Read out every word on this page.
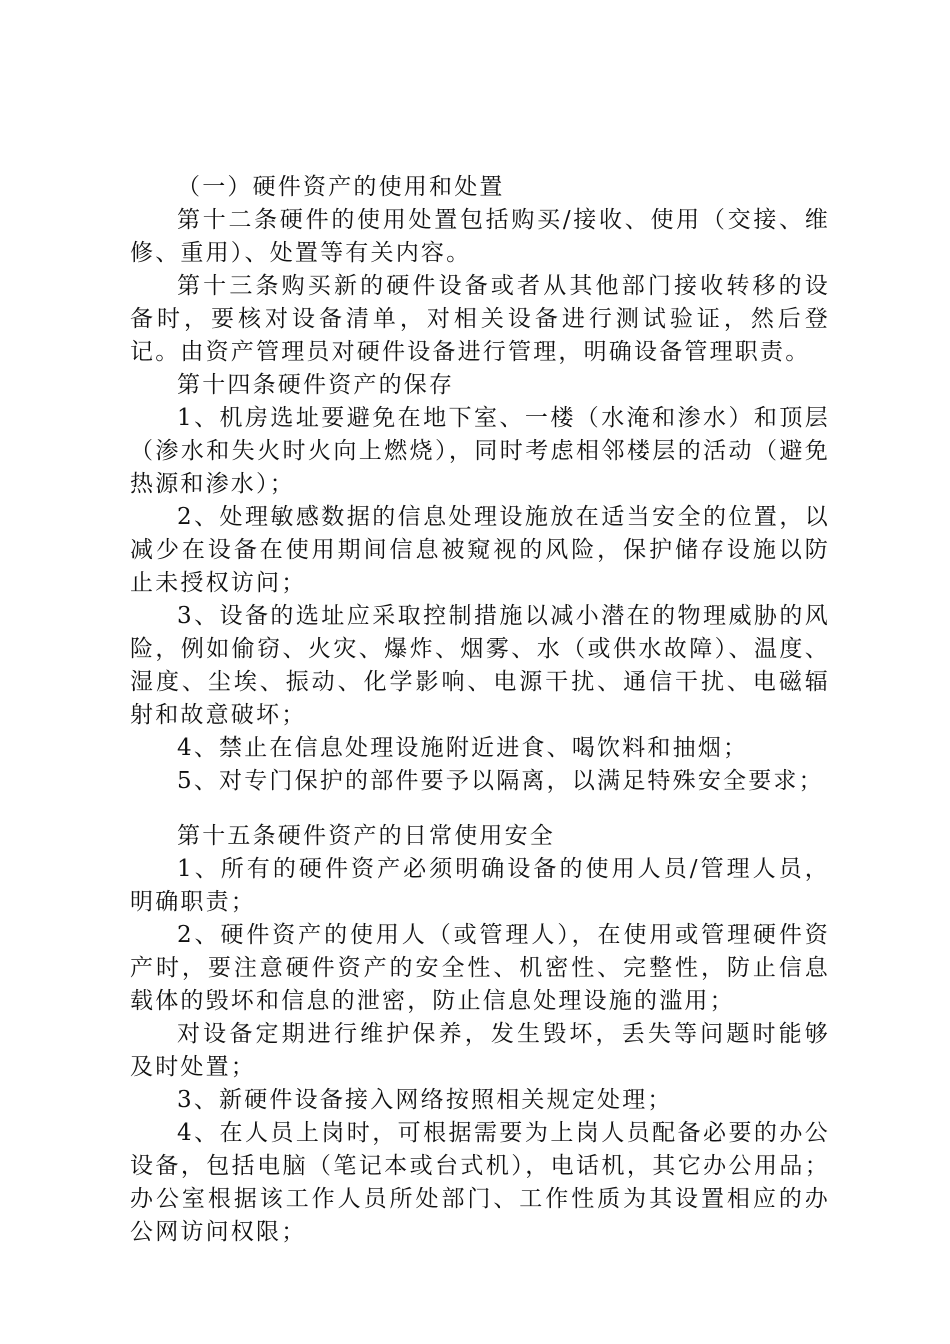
（一）硬件资产的使用和处置

第十二条硬件的使用处置包括购买/接收、使用（交接、维修、重用）、处置等有关内容。

第十三条购买新的硬件设备或者从其他部门接收转移的设备时，要核对设备清单，对相关设备进行测试验证，然后登记。由资产管理员对硬件设备进行管理，明确设备管理职责。

第十四条硬件资产的保存

1、机房选址要避免在地下室、一楼（水淹和渗水）和顶层（渗水和失火时火向上燃烧），同时考虑相邻楼层的活动（避免热源和渗水）；

2、处理敏感数据的信息处理设施放在适当安全的位置，以减少在设备在使用期间信息被窥视的风险，保护储存设施以防止未授权访问；

3、设备的选址应采取控制措施以减小潜在的物理威胁的风险，例如偷窃、火灾、爆炸、烟雾、水（或供水故障）、温度、湿度、尘埃、振动、化学影响、电源干扰、通信干扰、电磁辐射和故意破坏；

4、禁止在信息处理设施附近进食、喝饮料和抽烟；

5、对专门保护的部件要予以隔离，以满足特殊安全要求；

第十五条硬件资产的日常使用安全

1、所有的硬件资产必须明确设备的使用人员/管理人员，明确职责；

2、硬件资产的使用人（或管理人），在使用或管理硬件资产时，要注意硬件资产的安全性、机密性、完整性，防止信息载体的毁坏和信息的泄密，防止信息处理设施的滥用；

对设备定期进行维护保养，发生毁坏，丢失等问题时能够及时处置；

3、新硬件设备接入网络按照相关规定处理；

4、在人员上岗时，可根据需要为上岗人员配备必要的办公设备，包括电脑（笔记本或台式机），电话机，其它办公用品；办公室根据该工作人员所处部门、工作性质为其设置相应的办公网访问权限；
